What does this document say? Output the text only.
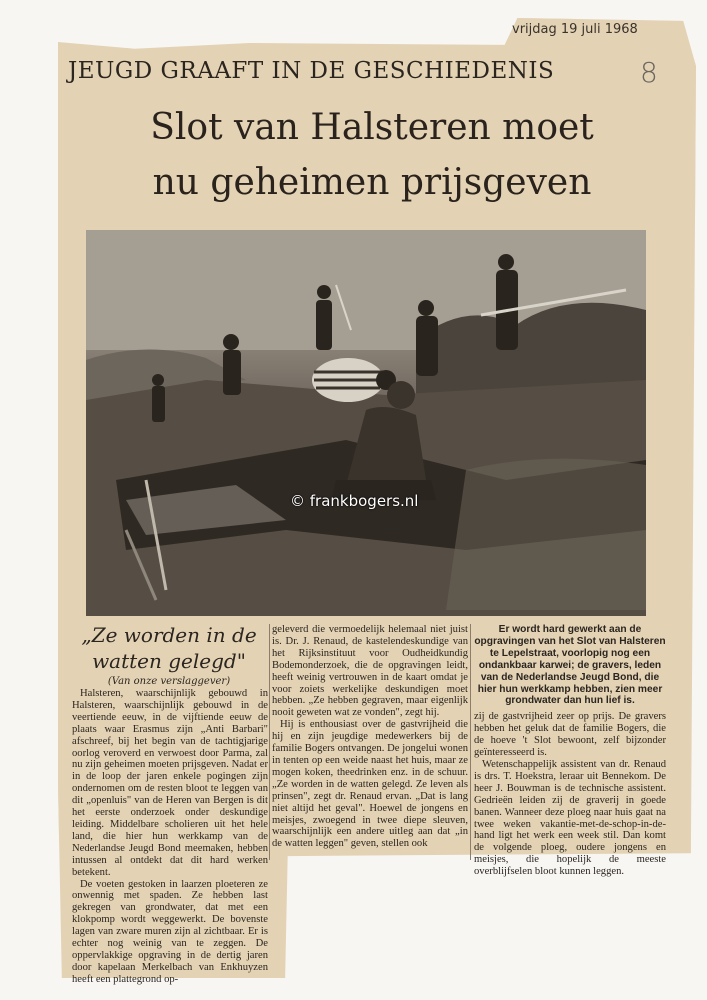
vrijdag 19 juli 1968
8
JEUGD GRAAFT IN DE GESCHIEDENIS
Slot van Halsteren moet
nu geheimen prijsgeven
© frankbogers.nl
„Ze worden in de
watten gelegd"
(Van onze verslaggever)

Halsteren, waarschijnlijk gebouwd in Halsteren, waarschijnlijk gebouwd in de veertiende eeuw, in de vijftiende eeuw de plaats waar Erasmus zijn „Anti Barbari" afschreef, bij het begin van de tachtigjarige oorlog veroverd en verwoest door Parma, zal nu zijn geheimen moeten prijsgeven. Nadat er in de loop der jaren enkele pogingen zijn ondernomen om de resten bloot te leggen van dit „openluis" van de Heren van Bergen is dit het eerste onderzoek onder deskundige leiding. Middelbare scholieren uit het hele land, die hier hun werkkamp van de Nederlandse Jeugd Bond meemaken, hebben intussen al ontdekt dat dit hard werken betekent.

De voeten gestoken in laarzen ploeteren ze onwennig met spaden. Ze hebben last gekregen van grondwater, dat met een klokpomp wordt weggewerkt. De bovenste lagen van zware muren zijn al zichtbaar. Er is echter nog weinig van te zeggen. De oppervlakkige opgraving in de dertig jaren door kapelaan Merkelbach van Enkhuyzen heeft een plattegrond op-

geleverd die vermoedelijk helemaal niet juist is. Dr. J. Renaud, de kastelendeskundige van het Rijksinstituut voor Oudheidkundig Bodemonderzoek, die de opgravingen leidt, heeft weinig vertrouwen in de kaart omdat je voor zoiets werkelijke deskundigen moet hebben. „Ze hebben gegraven, maar eigenlijk nooit geweten wat ze vonden", zegt hij.

Hij is enthousiast over de gastvrijheid die hij en zijn jeugdige medewerkers bij de familie Bogers ontvangen. De jongelui wonen in tenten op een weide naast het huis, maar ze mogen koken, theedrinken enz. in de schuur. „Ze worden in de watten gelegd. Ze leven als prinsen", zegt dr. Renaud ervan. „Dat is lang niet altijd het geval". Hoewel de jongens en meisjes, zwoegend in twee diepe sleuven, waarschijnlijk een andere uitleg aan dat „in de watten leggen" geven, stellen ook

Er wordt hard gewerkt aan de opgravingen van het Slot van Halsteren te Lepelstraat, voorlopig nog een ondankbaar karwei; de gravers, leden van de Nederlandse Jeugd Bond, die hier hun werkkamp hebben, zien meer grondwater dan hun lief is.

zij de gastvrijheid zeer op prijs. De gravers hebben het geluk dat de familie Bogers, die de hoeve 't Slot bewoont, zelf bijzonder geïnteresseerd is.

Wetenschappelijk assistent van dr. Renaud is drs. T. Hoekstra, leraar uit Bennekom. De heer J. Bouwman is de technische assistent. Gedrieën leiden zij de graverij in goede banen. Wanneer deze ploeg naar huis gaat na twee weken vakantie-met-de-schop-in-de-hand ligt het werk een week stil. Dan komt de volgende ploeg, oudere jongens en meisjes, die hopelijk de meeste overblijfselen bloot kunnen leggen.
